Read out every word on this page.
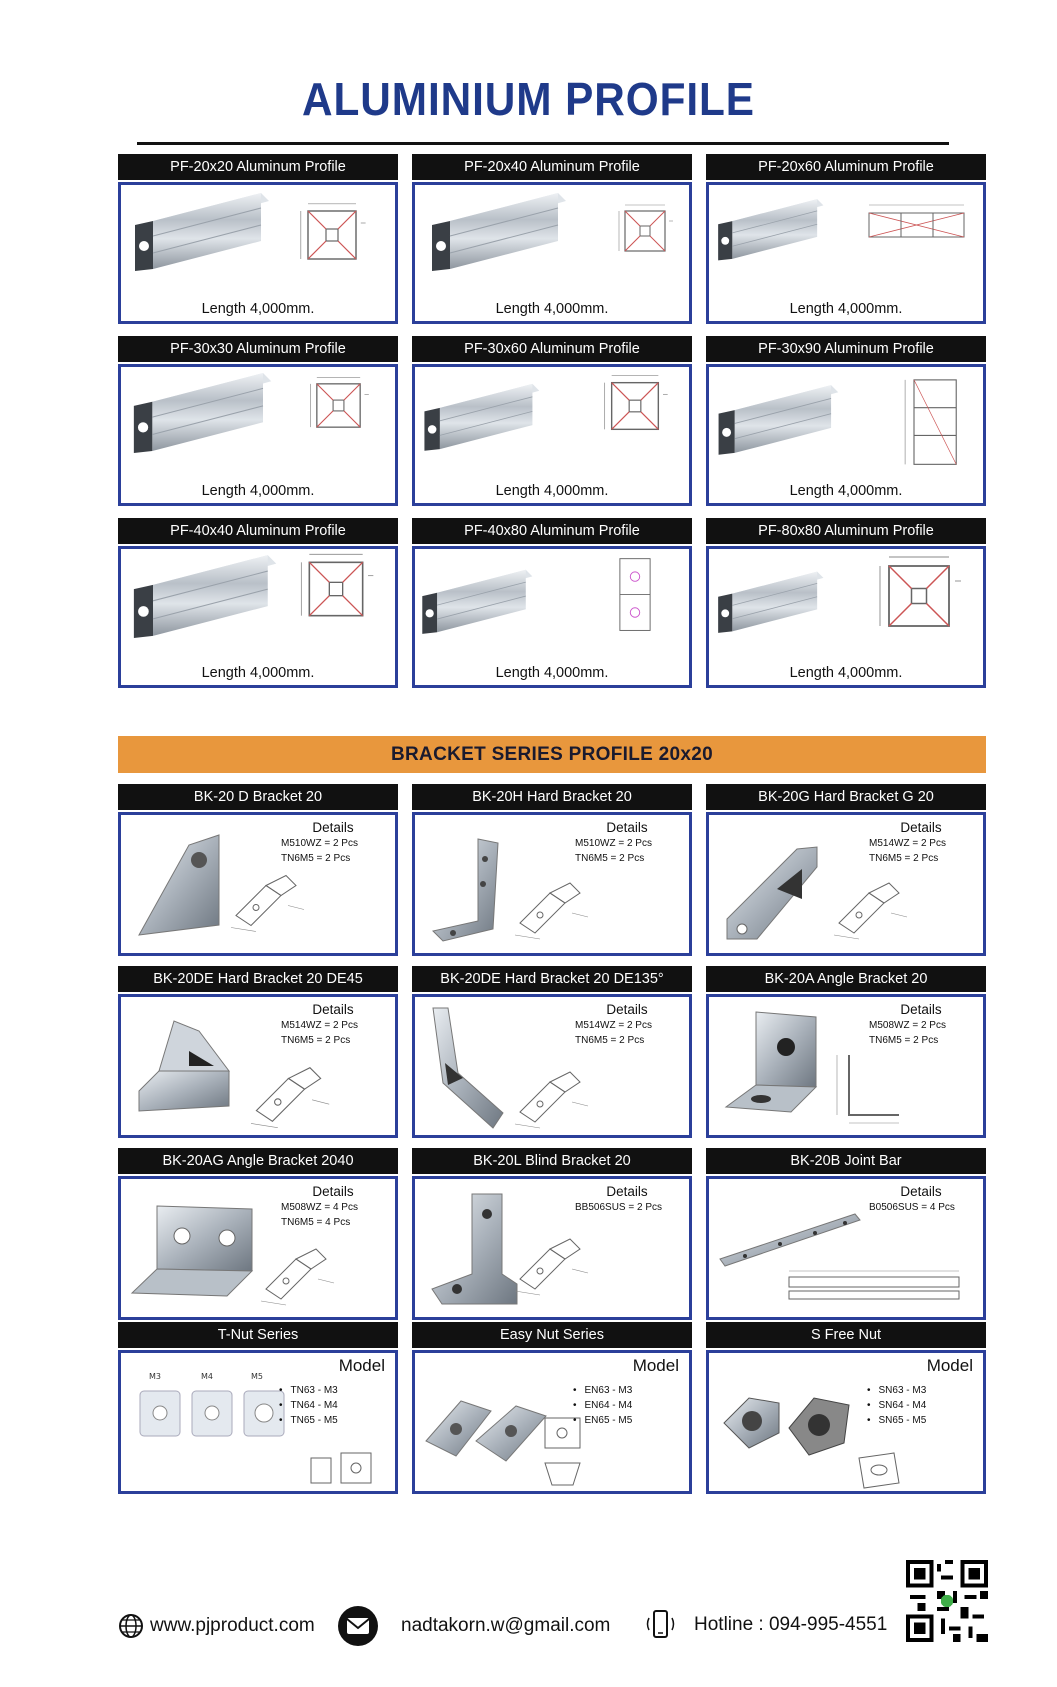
ALUMINIUM PROFILE
PF-20x20 Aluminum Profile
Length 4,000mm.
PF-20x40 Aluminum Profile
Length 4,000mm.
PF-20x60 Aluminum Profile
Length 4,000mm.
PF-30x30 Aluminum Profile
Length 4,000mm.
PF-30x60 Aluminum Profile
Length 4,000mm.
PF-30x90 Aluminum Profile
Length 4,000mm.
PF-40x40 Aluminum Profile
Length 4,000mm.
PF-40x80 Aluminum Profile
Length 4,000mm.
PF-80x80 Aluminum Profile
Length 4,000mm.
BRACKET SERIES PROFILE 20x20
BK-20 D Bracket 20
Details
M510WZ = 2 Pcs
TN6M5 = 2 Pcs
BK-20H Hard Bracket 20
Details
M510WZ = 2 Pcs
TN6M5 = 2 Pcs
BK-20G Hard Bracket G 20
Details
M514WZ = 2 Pcs
TN6M5 = 2 Pcs
BK-20DE Hard Bracket 20 DE45
Details
M514WZ = 2 Pcs
TN6M5 = 2 Pcs
BK-20DE Hard Bracket 20 DE135°
Details
M514WZ = 2 Pcs
TN6M5 = 2 Pcs
BK-20A Angle Bracket 20
Details
M508WZ = 2 Pcs
TN6M5 = 2 Pcs
BK-20AG Angle Bracket 2040
Details
M508WZ = 4 Pcs
TN6M5 = 4 Pcs
BK-20L Blind Bracket 20
Details
BB506SUS = 2 Pcs
BK-20B Joint Bar
Details
B0506SUS = 4 Pcs
T-Nut Series
M3	M4	M5
Model
• TN63 - M3
• TN64 - M4
• TN65 - M5
Easy Nut Series
Model
• EN63 - M3
• EN64 - M4
• EN65 - M5
S Free Nut
Model
• SN63 - M3
• SN64 - M4
• SN65 - M5
www.pjproduct.com	nadtakorn.w@gmail.com	Hotline : 094-995-4551
